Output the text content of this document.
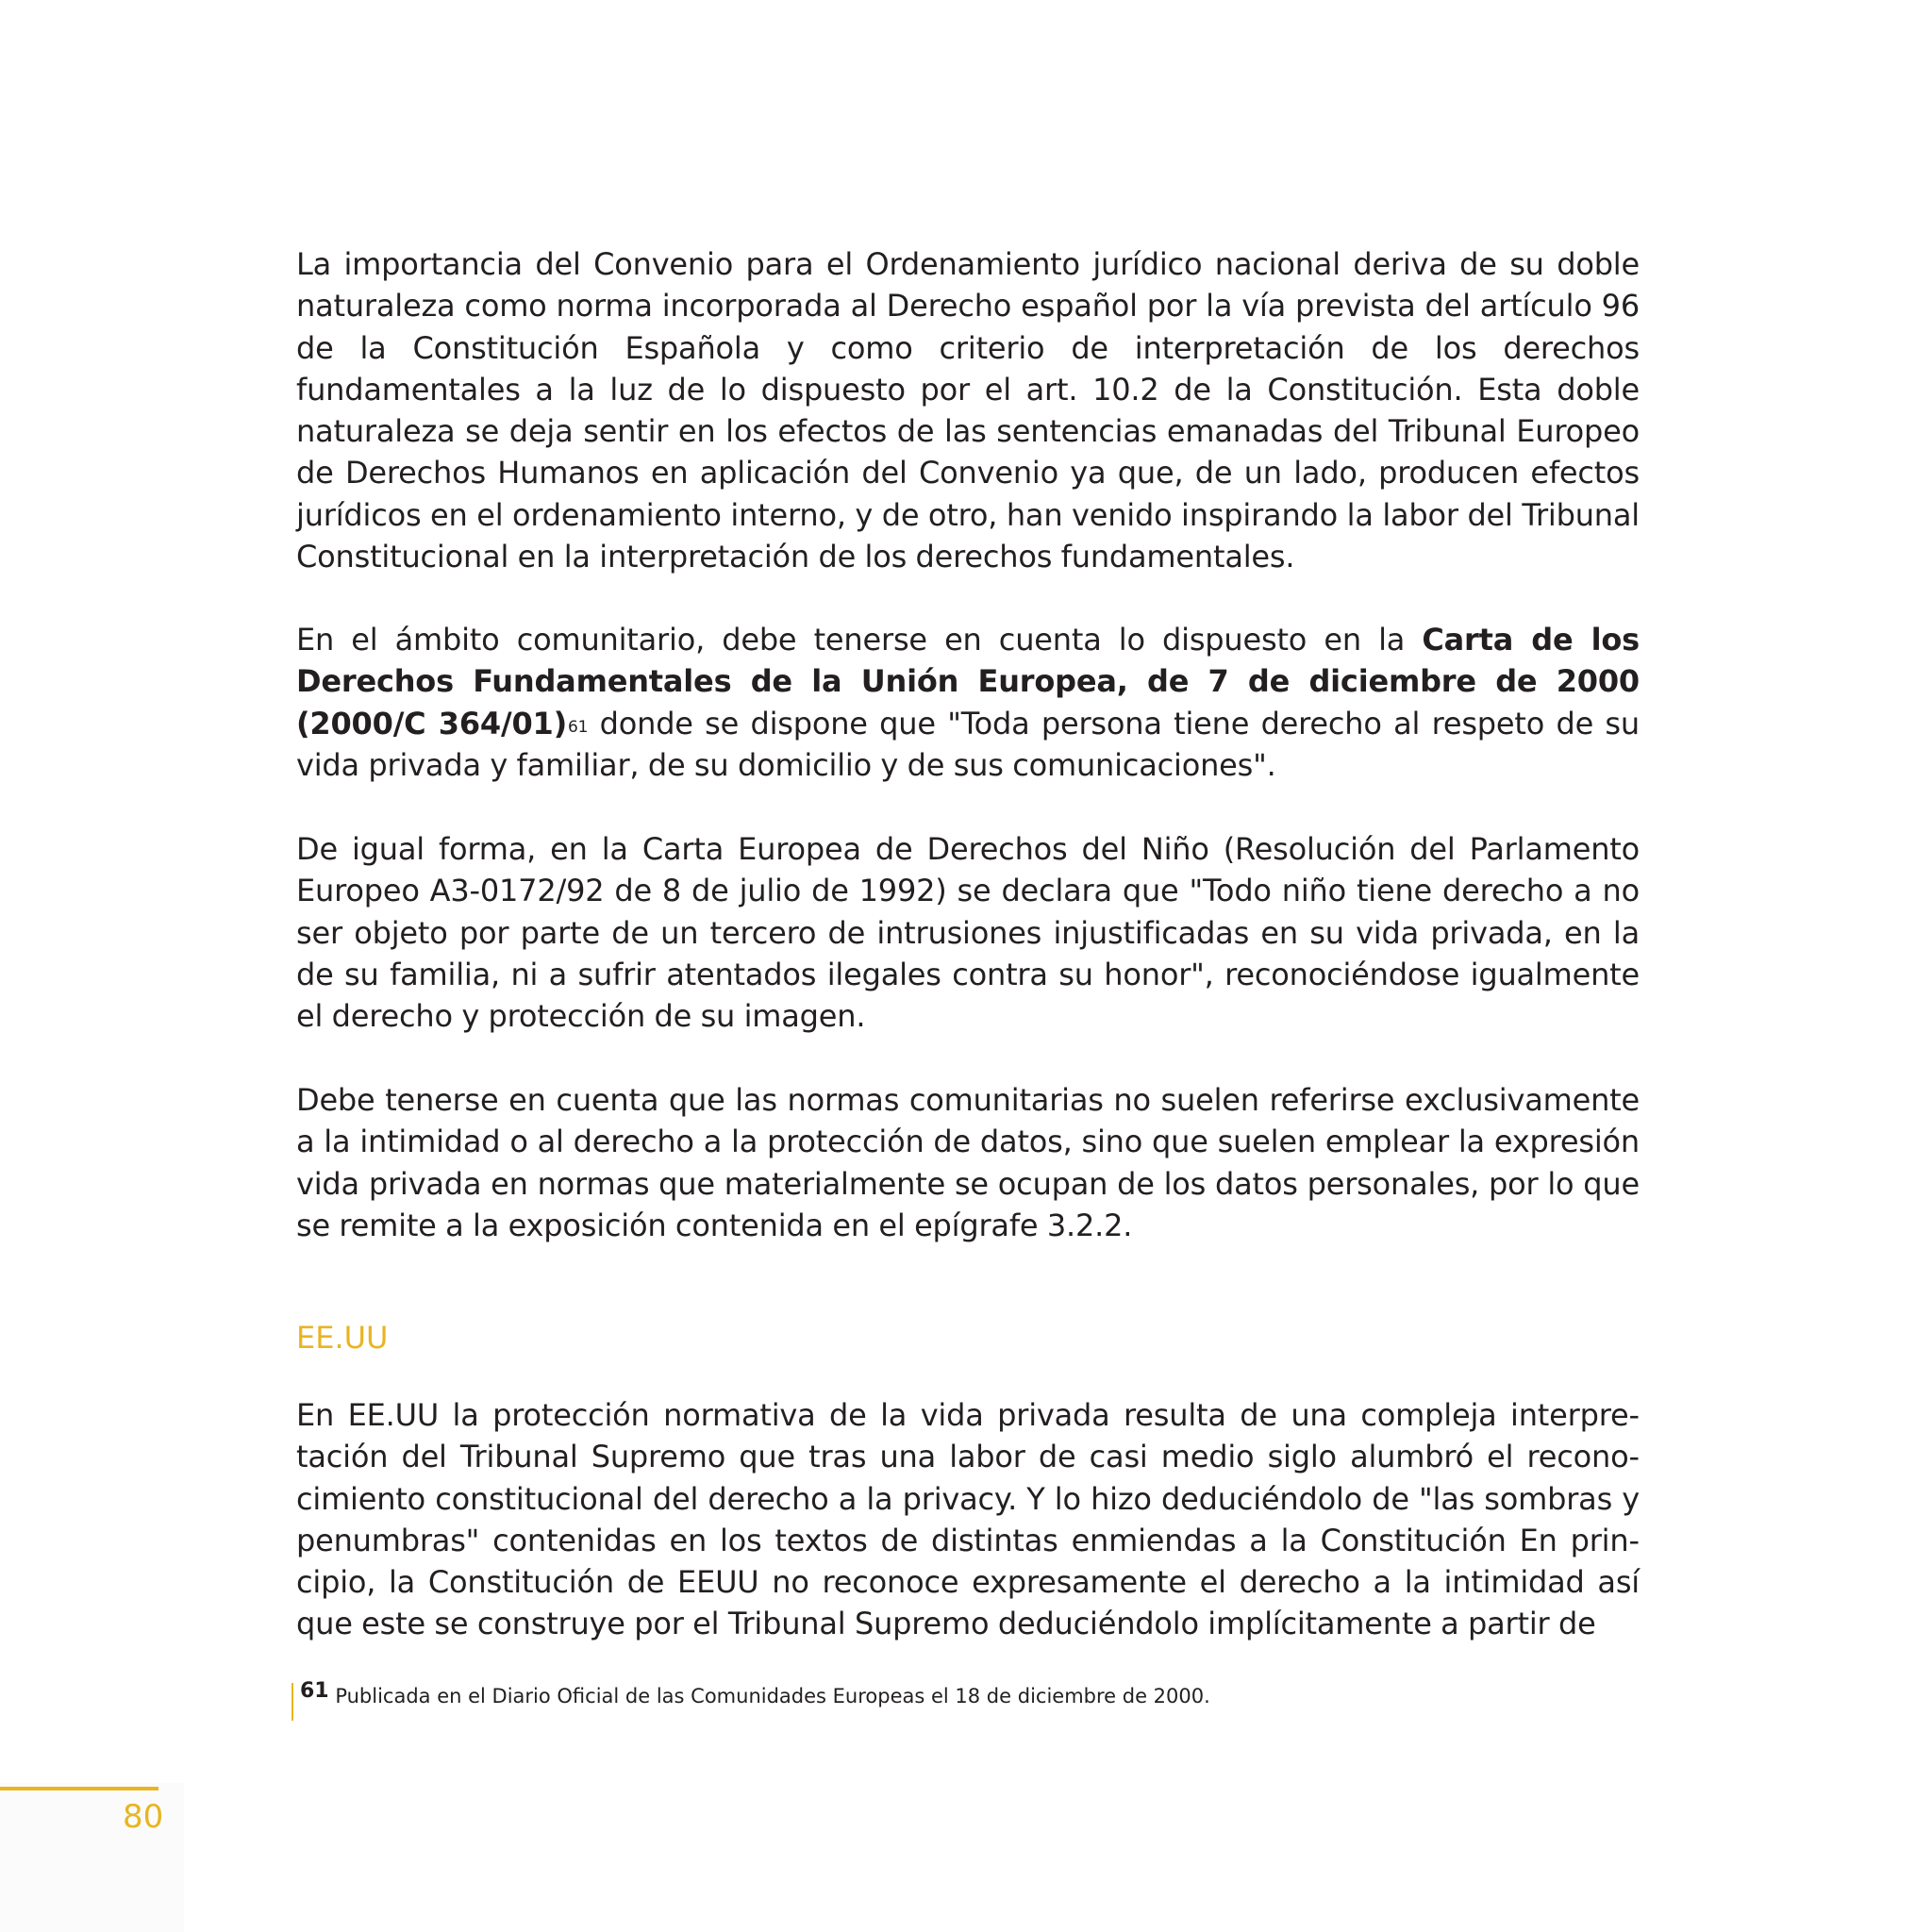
La importancia del Convenio para el Ordenamiento jurídico nacional deriva de su doble naturaleza como norma incorporada al Derecho español por la vía prevista del artículo 96 de la Constitución Española y como criterio de interpretación de los derechos fundamentales a la luz de lo dispuesto por el art. 10.2 de la Constitución. Esta doble naturaleza se deja sentir en los efectos de las sentencias emanadas del Tribunal Europeo de Derechos Humanos en aplicación del Convenio ya que, de un lado, producen efectos jurídicos en el ordenamiento interno, y de otro, han venido inspirando la labor del Tribunal Constitucional en la interpretación de los derechos fundamentales.

En el ámbito comunitario, debe tenerse en cuenta lo dispuesto en la Carta de los Derechos Fundamentales de la Unión Europea, de 7 de diciembre de 2000 (2000/C 364/01)$^{61}$ donde se dispone que "Toda persona tiene derecho al respeto de su vida privada y familiar, de su domicilio y de sus comunicaciones".

De igual forma, en la Carta Europea de Derechos del Niño (Resolución del Parlamento Europeo A3-0172/92 de 8 de julio de 1992) se declara que "Todo niño tiene derecho a no ser objeto por parte de un tercero de intrusiones injustificadas en su vida privada, en la de su familia, ni a sufrir atentados ilegales contra su honor", reconociéndose igualmente el derecho y protección de su imagen.

Debe tenerse en cuenta que las normas comunitarias no suelen referirse exclusivamente a la intimidad o al derecho a la protección de datos, sino que suelen emplear la expresión vida privada en normas que materialmente se ocupan de los datos personales, por lo que se remite a la exposición contenida en el epígrafe 3.2.2.

EE.UU

En EE.UU la protección normativa de la vida privada resulta de una compleja interpretación del Tribunal Supremo que tras una labor de casi medio siglo alumbró el reconocimiento constitucional del derecho a la privacy. Y lo hizo deduciéndolo de "las sombras y penumbras" contenidas en los textos de distintas enmiendas a la Constitución En principio, la Constitución de EEUU no reconoce expresamente el derecho a la intimidad así que este se construye por el Tribunal Supremo deduciéndolo implícitamente a partir de

61 Publicada en el Diario Oficial de las Comunidades Europeas el 18 de diciembre de 2000.
80
